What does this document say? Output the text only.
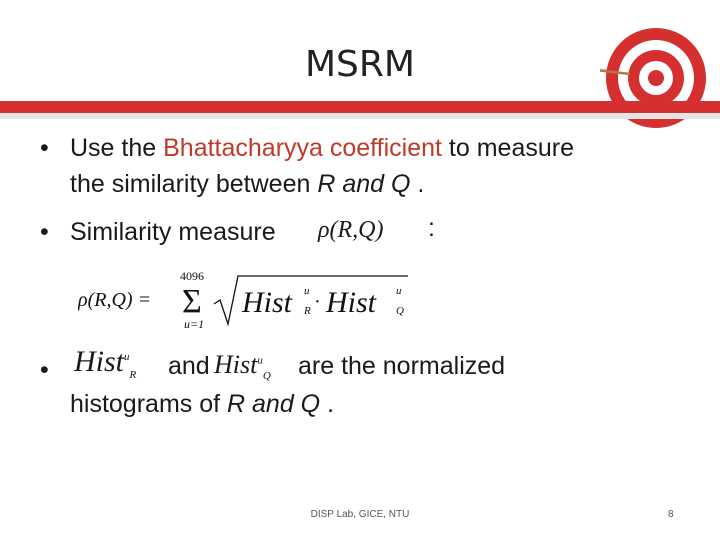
MSRM
• Use the Bhattacharyya coefficient to measure
the similarity between R and Q .
• Similarity measure ρ(R,Q) :
ρ(R,Q) =
4096
Σ
u=1
Hist u
R · Hist u
Q
• Hist$^u_R$ and Hist$^u_Q$ are the normalized
histograms of R and Q .
DISP Lab, GICE, NTU	8
